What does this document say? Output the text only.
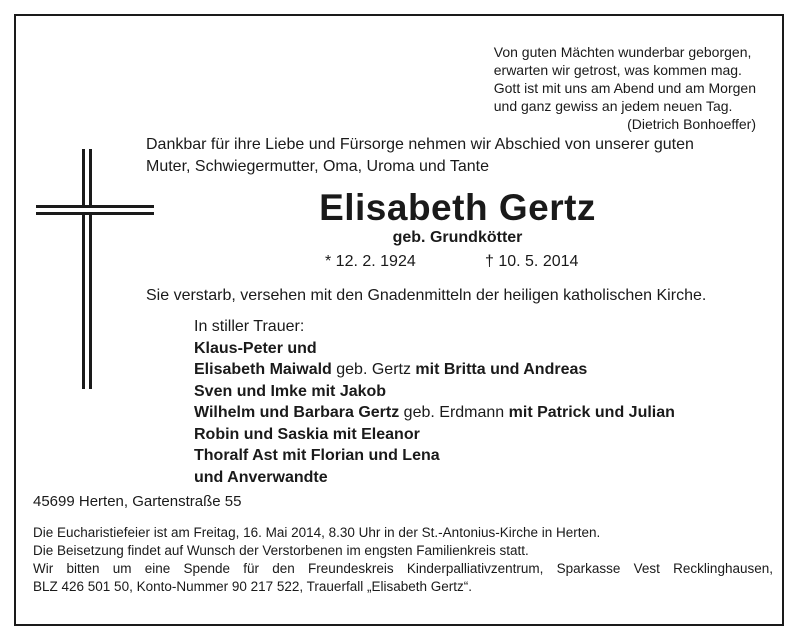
Von guten Mächten wunderbar geborgen,
erwarten wir getrost, was kommen mag.
Gott ist mit uns am Abend und am Morgen
und ganz gewiss an jedem neuen Tag.
(Dietrich Bonhoeffer)
Dankbar für ihre Liebe und Fürsorge nehmen wir Abschied von unserer guten
Muter, Schwiegermutter, Oma, Uroma und Tante
Elisabeth Gertz
geb. Grundkötter
* 12. 2. 1924	† 10. 5. 2014
Sie verstarb, versehen mit den Gnadenmitteln der heiligen katholischen Kirche.
In stiller Trauer:
Klaus-Peter und
Elisabeth Maiwald geb. Gertz mit Britta und Andreas
Sven und Imke mit Jakob
Wilhelm und Barbara Gertz geb. Erdmann mit Patrick und Julian
Robin und Saskia mit Eleanor
Thoralf Ast mit Florian und Lena
und Anverwandte
45699 Herten, Gartenstraße 55
Die Eucharistiefeier ist am Freitag, 16. Mai 2014, 8.30 Uhr in der St.-Antonius-Kirche in Herten.
Die Beisetzung findet auf Wunsch der Verstorbenen im engsten Familienkreis statt.
Wir bitten um eine Spende für den Freundeskreis Kinderpalliativzentrum, Sparkasse Vest Recklinghausen,
BLZ 426 501 50, Konto-Nummer 90 217 522, Trauerfall „Elisabeth Gertz“.
